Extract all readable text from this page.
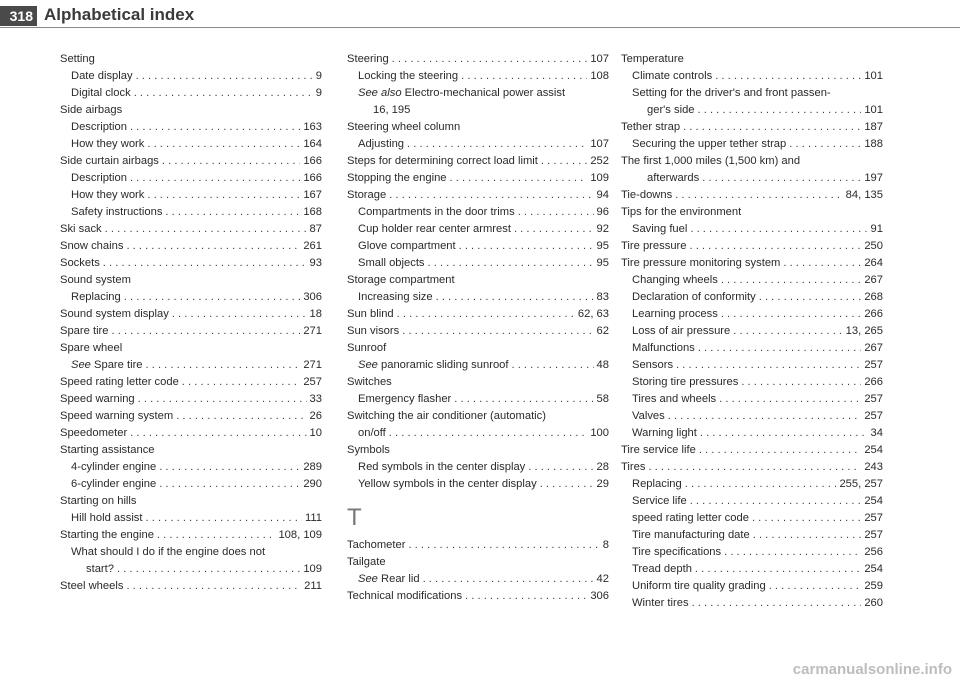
318 Alphabetical index
Setting
Date display . . .	9
Digital clock . . .	9
Side airbags
Description . . .	163
How they work . . .	164
Side curtain airbags . . .	166
Description . . .	166
How they work . . .	167
Safety instructions . . .	168
Ski sack . . .	87
Snow chains . . .	261
Sockets . . .	93
Sound system
Replacing . . .	306
Sound system display . . .	18
Spare tire . . .	271
Spare wheel
See Spare tire . . .	271
Speed rating letter code . . .	257
Speed warning . . .	33
Speed warning system . . .	26
Speedometer . . .	10
Starting assistance
4-cylinder engine . . .	289
6-cylinder engine . . .	290
Starting on hills
Hill hold assist . . .	111
Starting the engine . . .	108, 109
What should I do if the engine does not
start? . . .	109
Steel wheels . . .	211
Steering . . .	107
Locking the steering . . .	108
See also Electro-mechanical power assist
16, 195
Steering wheel column
Adjusting . . .	107
Steps for determining correct load limit . . .	252
Stopping the engine . . .	109
Storage . . .	94
Compartments in the door trims . . .	96
Cup holder rear center armrest . . .	92
Glove compartment . . .	95
Small objects . . .	95
Storage compartment
Increasing size . . .	83
Sun blind . . .	62, 63
Sun visors . . .	62
Sunroof
See panoramic sliding sunroof . . .	48
Switches
Emergency flasher . . .	58
Switching the air conditioner (automatic)
on/off . . .	100
Symbols
Red symbols in the center display . . .	28
Yellow symbols in the center display . . .	29
T
Tachometer . . .	8
Tailgate
See Rear lid . . .	42
Technical modifications . . .	306
Temperature
Climate controls . . .	101
Setting for the driver's and front passen-
ger's side . . .	101
Tether strap . . .	187
Securing the upper tether strap . . .	188
The first 1,000 miles (1,500 km) and
afterwards . . .	197
Tie-downs . . .	84, 135
Tips for the environment
Saving fuel . . .	91
Tire pressure . . .	250
Tire pressure monitoring system . . .	264
Changing wheels . . .	267
Declaration of conformity . . .	268
Learning process . . .	266
Loss of air pressure . . .	13, 265
Malfunctions . . .	267
Sensors . . .	257
Storing tire pressures . . .	266
Tires and wheels . . .	257
Valves . . .	257
Warning light . . .	34
Tire service life . . .	254
Tires . . .	243
Replacing . . .	255, 257
Service life . . .	254
speed rating letter code . . .	257
Tire manufacturing date . . .	257
Tire specifications . . .	256
Tread depth . . .	254
Uniform tire quality grading . . .	259
Winter tires . . .	260
carmanualsonline.info
